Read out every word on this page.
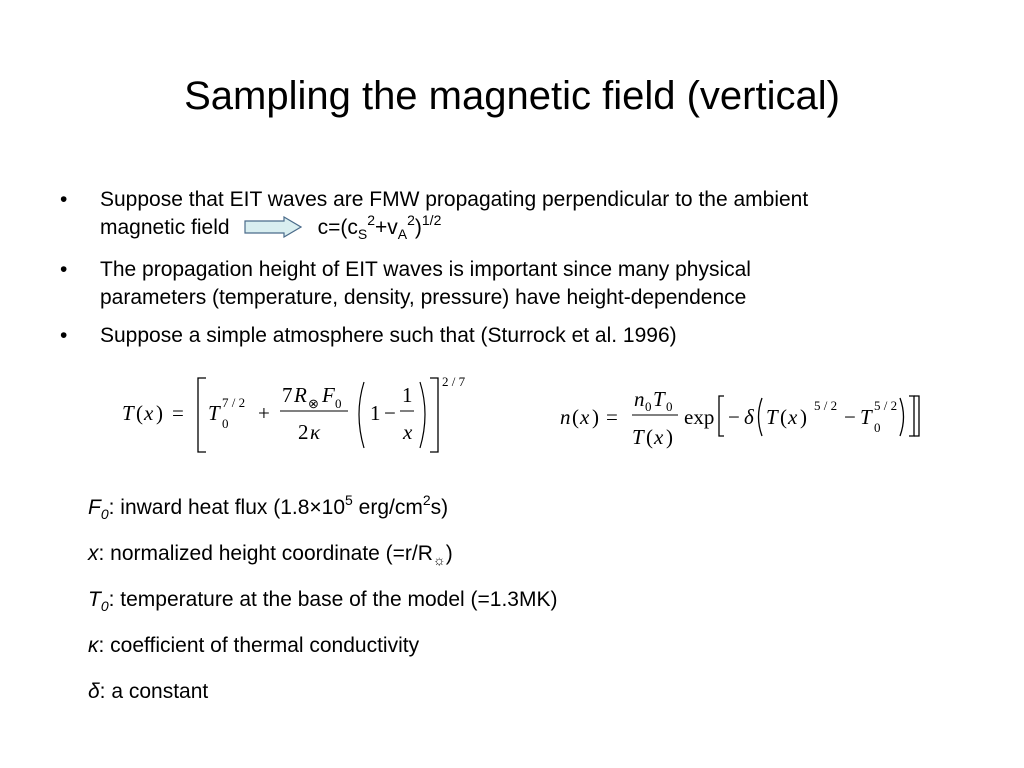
Sampling the magnetic field (vertical)
• Suppose that EIT waves are FMW propagating perpendicular to the ambient
magnetic field	$c=(c_S^2+v_A^2)^{1/2}$
• The propagation height of EIT waves is important since many physical
parameters (temperature, density, pressure) have height-dependence
• Suppose a simple atmosphere such that (Sturrock et al. 1996)
T ( x ) = T 0
7 / 2 +
7 R ⊗ F 0
2 κ
1 −
1
x
2 / 7
n ( x ) =
n 0 T 0
T ( x )
exp − δ T ( x ) 5 / 2 − T 0
5 / 2
$F_0$: inward heat flux ($1.8\times 10^5$ erg/$cm^2s$)
x: normalized height coordinate $(=r/R_☼)$
$T_0$: temperature at the base of the model (=1.3MK)
κ: coefficient of thermal conductivity
δ: a constant
